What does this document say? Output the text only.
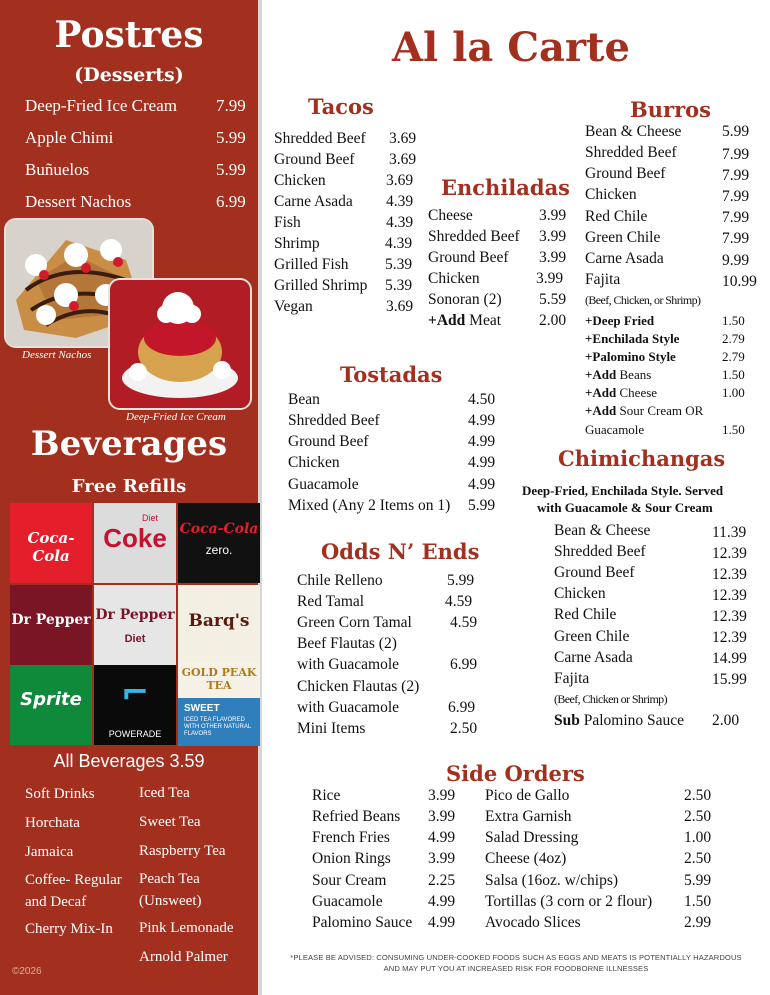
Postres
(Desserts)
Deep-Fried Ice Cream 7.99
Apple Chimi	5.99
Buñuelos	5.99
Dessert Nachos	6.99
Dessert Nachos
Deep-Fried Ice Cream
Beverages
Free Refills
Coca-Cola
Diet
Coke Coca-Cola
zero.
Dr Pepper Dr Pepper
Diet
Barq's
Sprite	⌐
POWERADE
GOLD PEAK TEA
SWEET
ICED TEA FLAVORED WITH OTHER NATURAL FLAVORS
All Beverages 3.59
Soft Drinks
Horchata
Jamaica
Coffee- Regular
and Decaf
Cherry Mix-In
Iced Tea
Sweet Tea
Raspberry Tea
Peach Tea
(Unsweet)
Pink Lemonade
Arnold Palmer
©2026
Al la Carte
Tacos
Shredded Beef 3.69
Ground Beef 3.69
Chicken	3.69
Carne Asada 4.39
Fish	4.39
Shrimp	4.39
Grilled Fish 5.39
Grilled Shrimp 5.39
Vegan	3.69
Enchiladas
Cheese	3.99
Shredded Beef 3.99
Ground Beef 3.99
Chicken	3.99
Sonoran (2) 5.59
+Add Meat 2.00
Burros
Bean & Cheese	5.99
Shredded Beef	7.99
Ground Beef	7.99
Chicken	7.99
Red Chile	7.99
Green Chile	7.99
Carne Asada	9.99
Fajita	10.99
(Beef, Chicken, or Shrimp)
+Deep Fried	1.50
+Enchilada Style	2.79
+Palomino Style	2.79
+Add Beans	1.50
+Add Cheese	1.00
+Add Sour Cream OR
Guacamole	1.50
Tostadas
Bean	4.50
Shredded Beef	4.99
Ground Beef	4.99
Chicken	4.99
Guacamole	4.99
Mixed (Any 2 Items on 1) 5.99
Chimichangas
Deep-Fried, Enchilada Style. Served
with Guacamole & Sour Cream
Bean & Cheese	11.39
Shredded Beef	12.39
Ground Beef	12.39
Chicken	12.39
Red Chile	12.39
Green Chile	12.39
Carne Asada	14.99
Fajita	15.99
(Beef, Chicken or Shrimp)
Sub Palomino Sauce 2.00
Odds N’ Ends
Chile Relleno	5.99
Red Tamal	4.59
Green Corn Tamal 4.59
Beef Flautas (2)
with Guacamole	6.99
Chicken Flautas (2)
with Guacamole	6.99
Mini Items	2.50
Side Orders
Rice	3.99
Refried Beans 3.99
French Fries 4.99
Onion Rings 3.99
Sour Cream	2.25
Guacamole	4.99
Palomino Sauce 4.99
Pico de Gallo	2.50
Extra Garnish	2.50
Salad Dressing	1.00
Cheese (4oz)	2.50
Salsa (16oz. w/chips)	5.99
Tortillas (3 corn or 2 flour) 1.50
Avocado Slices	2.99
*PLEASE BE ADVISED: CONSUMING UNDER-COOKED FOODS SUCH AS EGGS AND MEATS IS POTENTIALLY HAZARDOUS
AND MAY PUT YOU AT INCREASED RISK FOR FOODBORNE ILLNESSES
